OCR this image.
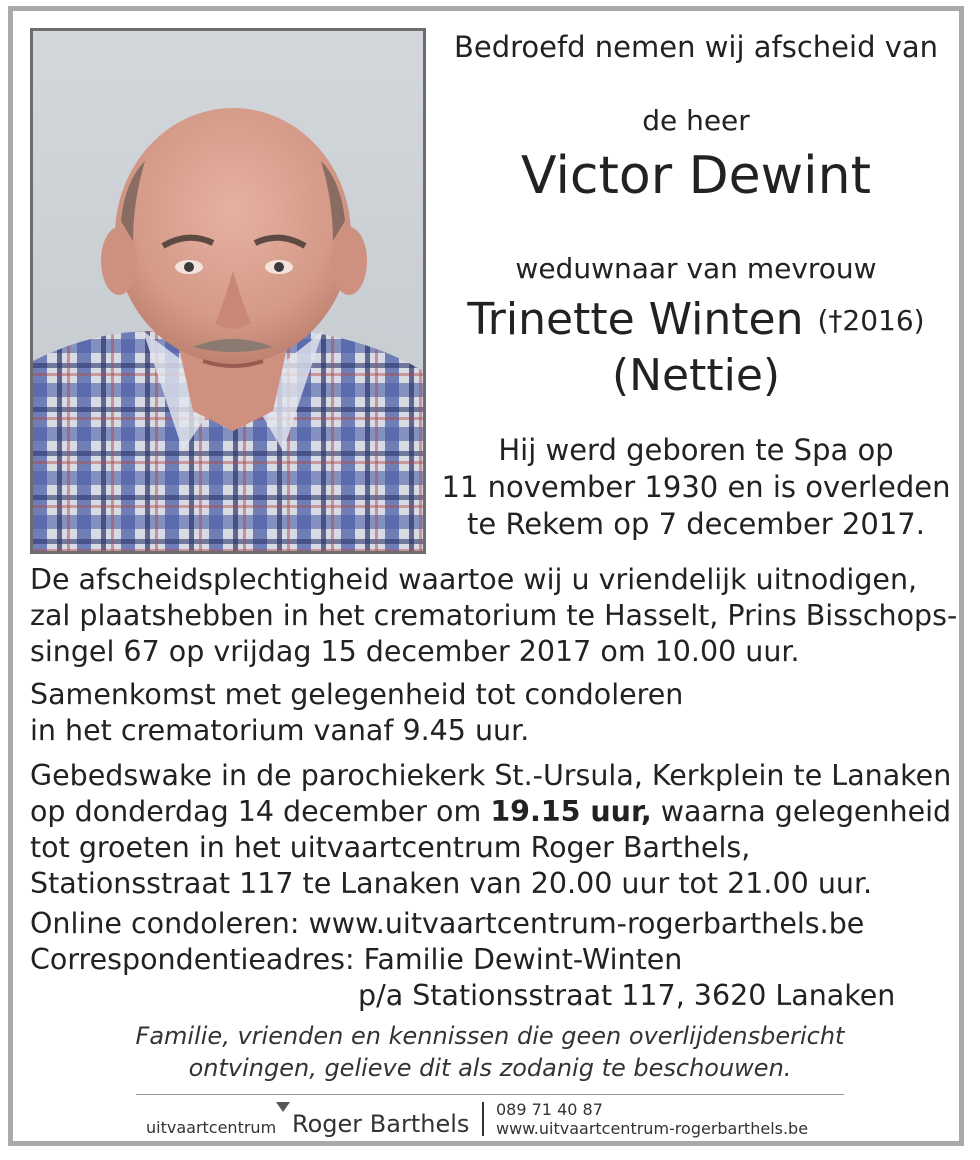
Bedroefd nemen wij afscheid van
de heer
Victor Dewint
weduwnaar van mevrouw
Trinette Winten (†2016)
(Nettie)
Hij werd geboren te Spa op
11 november 1930 en is overleden
te Rekem op 7 december 2017.
De afscheidsplechtigheid waartoe wij u vriendelijk uitnodigen,
zal plaatshebben in het crematorium te Hasselt, Prins Bisschops-
singel 67 op vrijdag 15 december 2017 om 10.00 uur.
Samenkomst met gelegenheid tot condoleren
in het crematorium vanaf 9.45 uur.
Gebedswake in de parochiekerk St.-Ursula, Kerkplein te Lanaken
op donderdag 14 december om 19.15 uur, waarna gelegenheid
tot groeten in het uitvaartcentrum Roger Barthels,
Stationsstraat 117 te Lanaken van 20.00 uur tot 21.00 uur.
Online condoleren: www.uitvaartcentrum-rogerbarthels.be
Correspondentieadres: Familie Dewint-Winten
p/a Stationsstraat 117, 3620 Lanaken
Familie, vrienden en kennissen die geen overlijdensbericht
ontvingen, gelieve dit als zodanig te beschouwen.
uitvaartcentrum Roger Barthels
089 71 40 87
www.uitvaartcentrum-rogerbarthels.be
